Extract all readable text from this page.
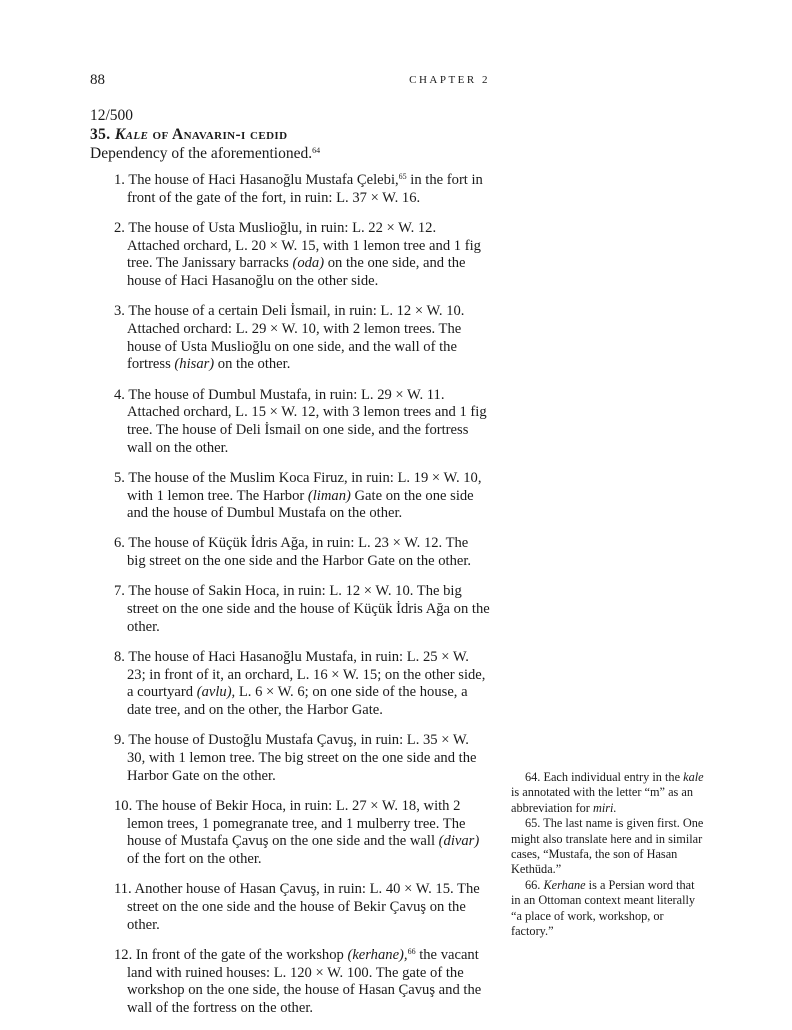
88	CHAPTER 2
12/500
35. Kale of Anavarin-i cedid
Dependency of the aforementioned.$^{64}$

1. The house of Haci Hasanoğlu Mustafa Çelebi,$^{65}$ in the fort in front of the gate of the fort, in ruin: L. 37 × W. 16.

2. The house of Usta Muslioğlu, in ruin: L. 22 × W. 12. Attached orchard, L. 20 × W. 15, with 1 lemon tree and 1 fig tree. The Janissary barracks (oda) on the one side, and the house of Haci Hasanoğlu on the other side.

3. The house of a certain Deli İsmail, in ruin: L. 12 × W. 10. Attached orchard: L. 29 × W. 10, with 2 lemon trees. The house of Usta Muslioğlu on one side, and the wall of the fortress (hisar) on the other.

4. The house of Dumbul Mustafa, in ruin: L. 29 × W. 11. Attached orchard, L. 15 × W. 12, with 3 lemon trees and 1 fig tree. The house of Deli İsmail on one side, and the fortress wall on the other.

5. The house of the Muslim Koca Firuz, in ruin: L. 19 × W. 10, with 1 lemon tree. The Harbor (liman) Gate on the one side and the house of Dumbul Mustafa on the other.

6. The house of Küçük İdris Ağa, in ruin: L. 23 × W. 12. The big street on the one side and the Harbor Gate on the other.

7. The house of Sakin Hoca, in ruin: L. 12 × W. 10. The big street on the one side and the house of Küçük İdris Ağa on the other.

8. The house of Haci Hasanoğlu Mustafa, in ruin: L. 25 × W. 23; in front of it, an orchard, L. 16 × W. 15; on the other side, a courtyard (avlu), L. 6 × W. 6; on one side of the house, a date tree, and on the other, the Harbor Gate.

9. The house of Dustoğlu Mustafa Çavuş, in ruin: L. 35 × W. 30, with 1 lemon tree. The big street on the one side and the Harbor Gate on the other.

10. The house of Bekir Hoca, in ruin: L. 27 × W. 18, with 2 lemon trees, 1 pomegranate tree, and 1 mulberry tree. The house of Mustafa Çavuş on the one side and the wall (divar) of the fort on the other.

11. Another house of Hasan Çavuş, in ruin: L. 40 × W. 15. The street on the one side and the house of Bekir Çavuş on the other.

12. In front of the gate of the workshop (kerhane),$^{66}$ the vacant land with ruined houses: L. 120 × W. 100. The gate of the workshop on the one side, the house of Hasan Çavuş and the wall of the fortress on the other.

64. Each individual entry in the kale is annotated with the letter “m” as an abbreviation for miri.

65. The last name is given first. One might also translate here and in similar cases, “Mustafa, the son of Hasan Kethüda.”

66. Kerhane is a Persian word that in an Ottoman context meant literally “a place of work, workshop, or factory.”
